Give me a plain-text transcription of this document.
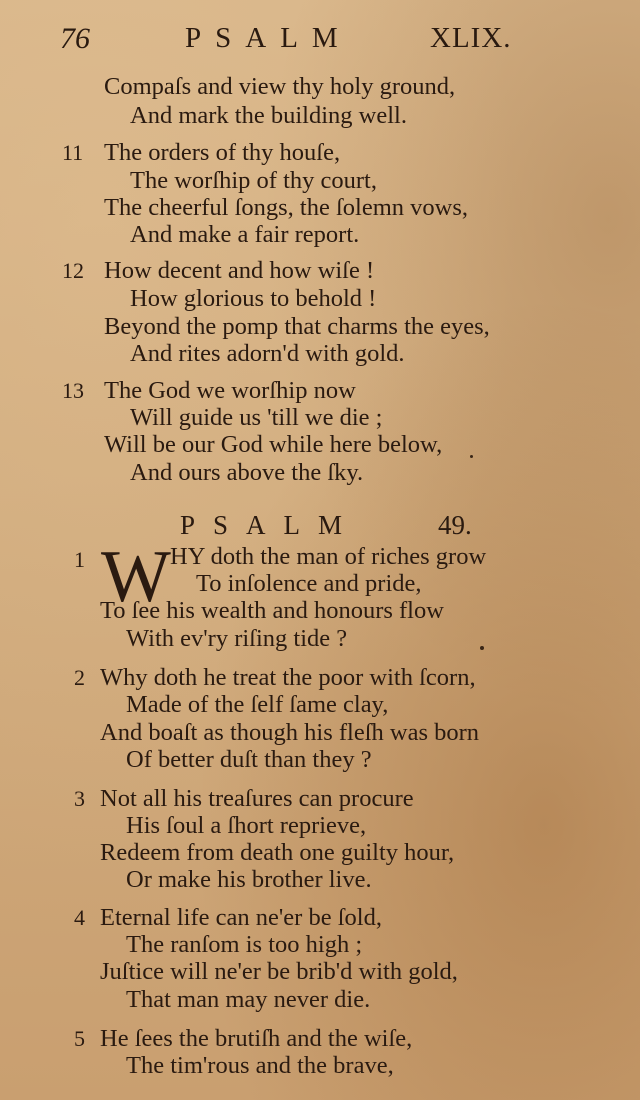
76	PSALM	XLIX.
Compaſs and view thy holy ground,
And mark the building well.
11 The orders of thy houſe,
The worſhip of thy court,
The cheerful ſongs, the ſolemn vows,
And make a fair report.
12 How decent and how wiſe !
How glorious to behold !
Beyond the pomp that charms the eyes,
And rites adorn'd with gold.
13 The God we worſhip now
Will guide us 'till we die ;
Will be our God while here below,
And ours above the ſky.
PSALM	49.
1 W HY doth the man of riches grow
To inſolence and pride,
To ſee his wealth and honours flow
With ev'ry riſing tide ?
2 Why doth he treat the poor with ſcorn,
Made of the ſelf ſame clay,
And boaſt as though his fleſh was born
Of better duſt than they ?
3 Not all his treaſures can procure
His ſoul a ſhort reprieve,
Redeem from death one guilty hour,
Or make his brother live.
4 Eternal life can ne'er be ſold,
The ranſom is too high ;
Juſtice will ne'er be brib'd with gold,
That man may never die.
5 He ſees the brutiſh and the wiſe,
The tim'rous and the brave,
